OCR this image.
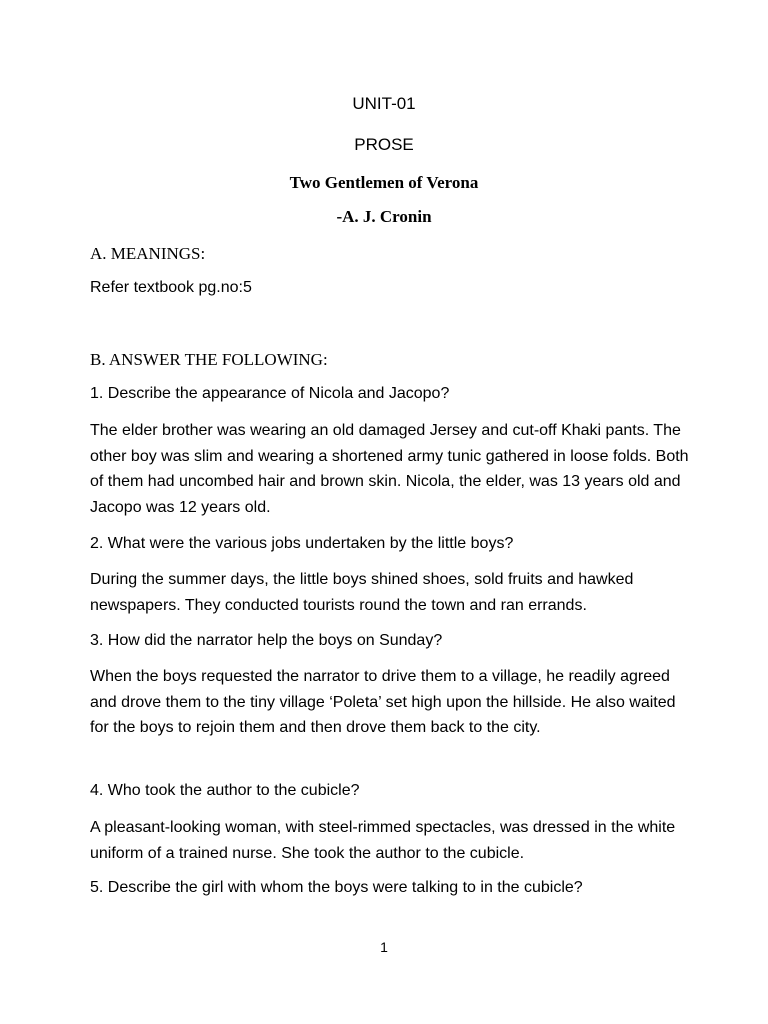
UNIT-01
PROSE
Two Gentlemen of Verona
-A. J. Cronin
A. MEANINGS:
Refer textbook pg.no:5
B. ANSWER THE FOLLOWING:
1. Describe the appearance of Nicola and Jacopo?
The elder brother was wearing an old damaged Jersey and cut-off Khaki pants. The other boy was slim and wearing a shortened army tunic gathered in loose folds. Both of them had uncombed hair and brown skin. Nicola, the elder, was 13 years old and Jacopo was 12 years old.
2. What were the various jobs undertaken by the little boys?
During the summer days, the little boys shined shoes, sold fruits and hawked newspapers. They conducted tourists round the town and ran errands.
3. How did the narrator help the boys on Sunday?
When the boys requested the narrator to drive them to a village, he readily agreed and drove them to the tiny village ‘Poleta’ set high upon the hillside. He also waited for the boys to rejoin them and then drove them back to the city.
4. Who took the author to the cubicle?
A pleasant-looking woman, with steel-rimmed spectacles, was dressed in the white uniform of a trained nurse. She took the author to the cubicle.
5. Describe the girl with whom the boys were talking to in the cubicle?
1
